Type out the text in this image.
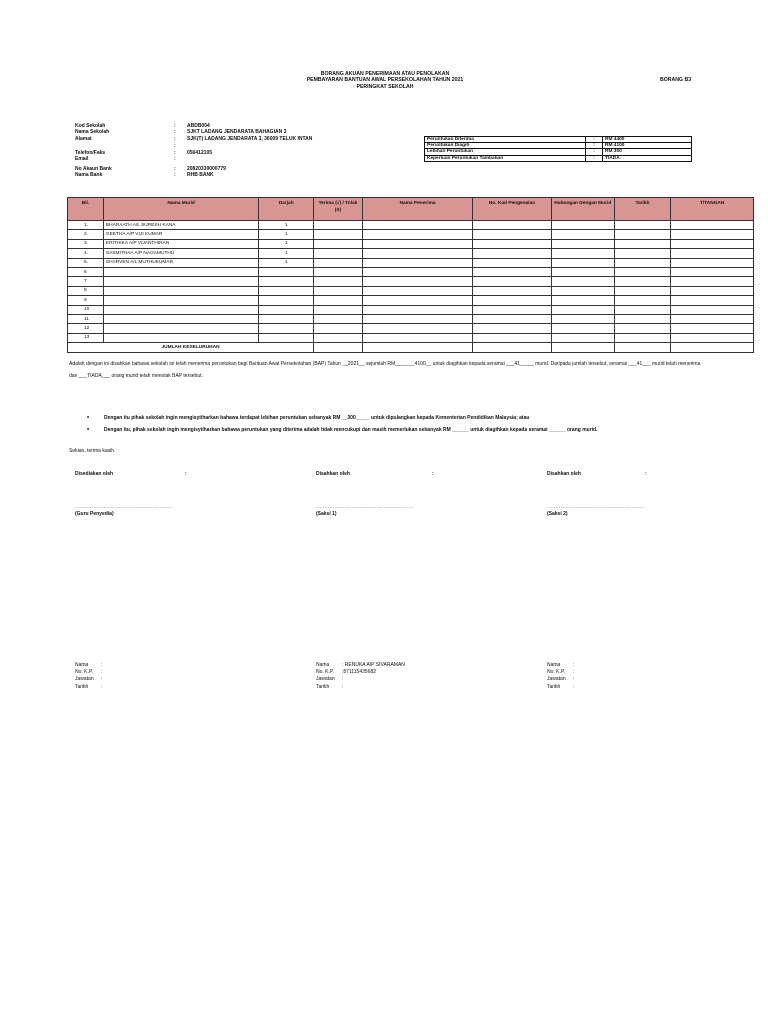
BORANG AKUAN PENERIMAAN ATAU PENOLAKAN
PEMBAYARAN BANTUAN AWAL PERSEKOLAHAN TAHUN 2021
PERINGKAT SEKOLAH
BORANG B3
Kod Sekolah	: ABDB004
Nama Sekolah	: SJKT LADANG JENDARATA BAHAGIAN 3
Alamat	: SJK(T) LADANG JENDARATA 3, 36009 TELUK INTAN
:
Telefon/Faks	: 056412105
Email	:
No Akaun Bank	: 20820339000779
Nama Bank	: RHB BANK
Peruntukan Diterima	:	RM 4400
Peruntukan Diagih	:	RM 4100
Lebihan Peruntukan	:	RM 300
Keperluan Peruntukan Tambahan	:	TIADA
Bil.	Nama Murid	Darjah	Terima (√) / Tolak (X)	Nama Penerima	No. Kad Pengenalan	Hubungan Dengan Murid	Tarikh	T/TANGAN
1.	BHARAATH A/L SURESH KANA	1						
2.	GEETHA A/P VIJI KUMAR	1						
3.	KRITHIKA A/P VIJANTHIRAN	1						
4.	SASMITHAA A/P NAGAMUTHU	1						
5.	SHARVEN A/L MUTHUKUMAR	1						
6								
7								
8								
9								
10								
11								
12								
13								
JUMLAH KESELURUHAN								
Adalah dengan ini disahkan bahawa sekolah ini telah menerima peruntukan bagi Bantuan Awal Persekolahan (BAP) Tahun __2021__ sejumlah RM_______4100__ untuk diagihkan kepada seramai ___41_____ murid. Daripada jumlah tersebut, seramai ___41___ murid telah menerima dan ___TIADA___ orang murid telah menolak BAP tersebut.
•	Dengan itu pihak sekolah ingin mengisytiharkan bahawa terdapat lebihan peruntukan sebanyak RM __300_____ untuk dipulangkan kepada Kementerian Pendidikan Malaysia; atau
•	Dengan itu, pihak sekolah ingin mengisytiharkan bahawa peruntukan yang diterima adalah tidak mencukupi dan masih memerlukan sebanyak RM ______ untuk diagihkan kepada seramai ______ orang murid.
Sekian, terima kasih.
Disediakan oleh	:	Disahkan oleh	:	Disahkan oleh	:
..........................................................	..........................................................	..........................................................
(Guru Penyedia)	(Saksi 1)	(Saksi 2)
Nama	:
No. K.P. :
Jawatan :
Tarikh	:
Nama	: RENUKA A/P SIVARAMAN
No. K.P. :871115435682
Jawatan :
Tarikh	:
Nama	:
No. K.P. :
Jawatan :
Tarikh	:
